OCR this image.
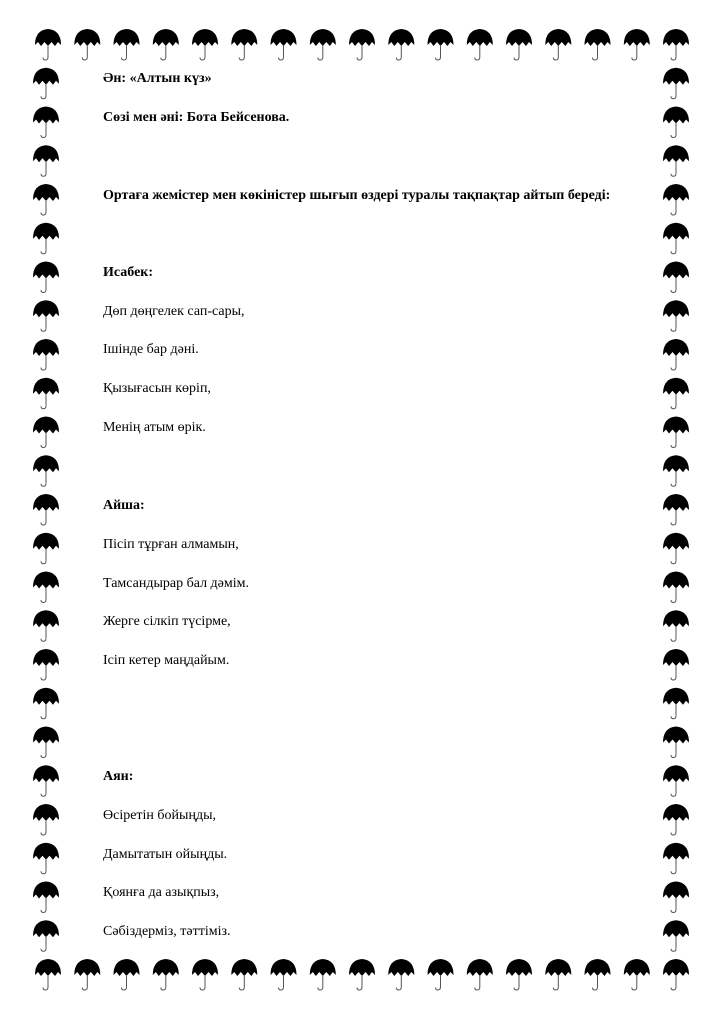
Ән: «Алтын күз»

Сөзі мен әні: Бота Бейсенова.

Ортаға жемістер мен көкіністер шығып өздері туралы тақпақтар айтып береді:

Исабек:

Дөп дөңгелек сап-сары,

Ішінде бар дәні.

Қызығасын көріп,

Менің атым өрік.

Айша:

Пісіп тұрған алмамын,

Тамсандырар бал дәмім.

Жерге сілкіп түсірме,

Ісіп кетер маңдайым.

Аян:

Өсіретін бойыңды,

Дамытатын ойыңды.

Қоянға да азықпыз,

Сәбіздерміз, тәттіміз.
